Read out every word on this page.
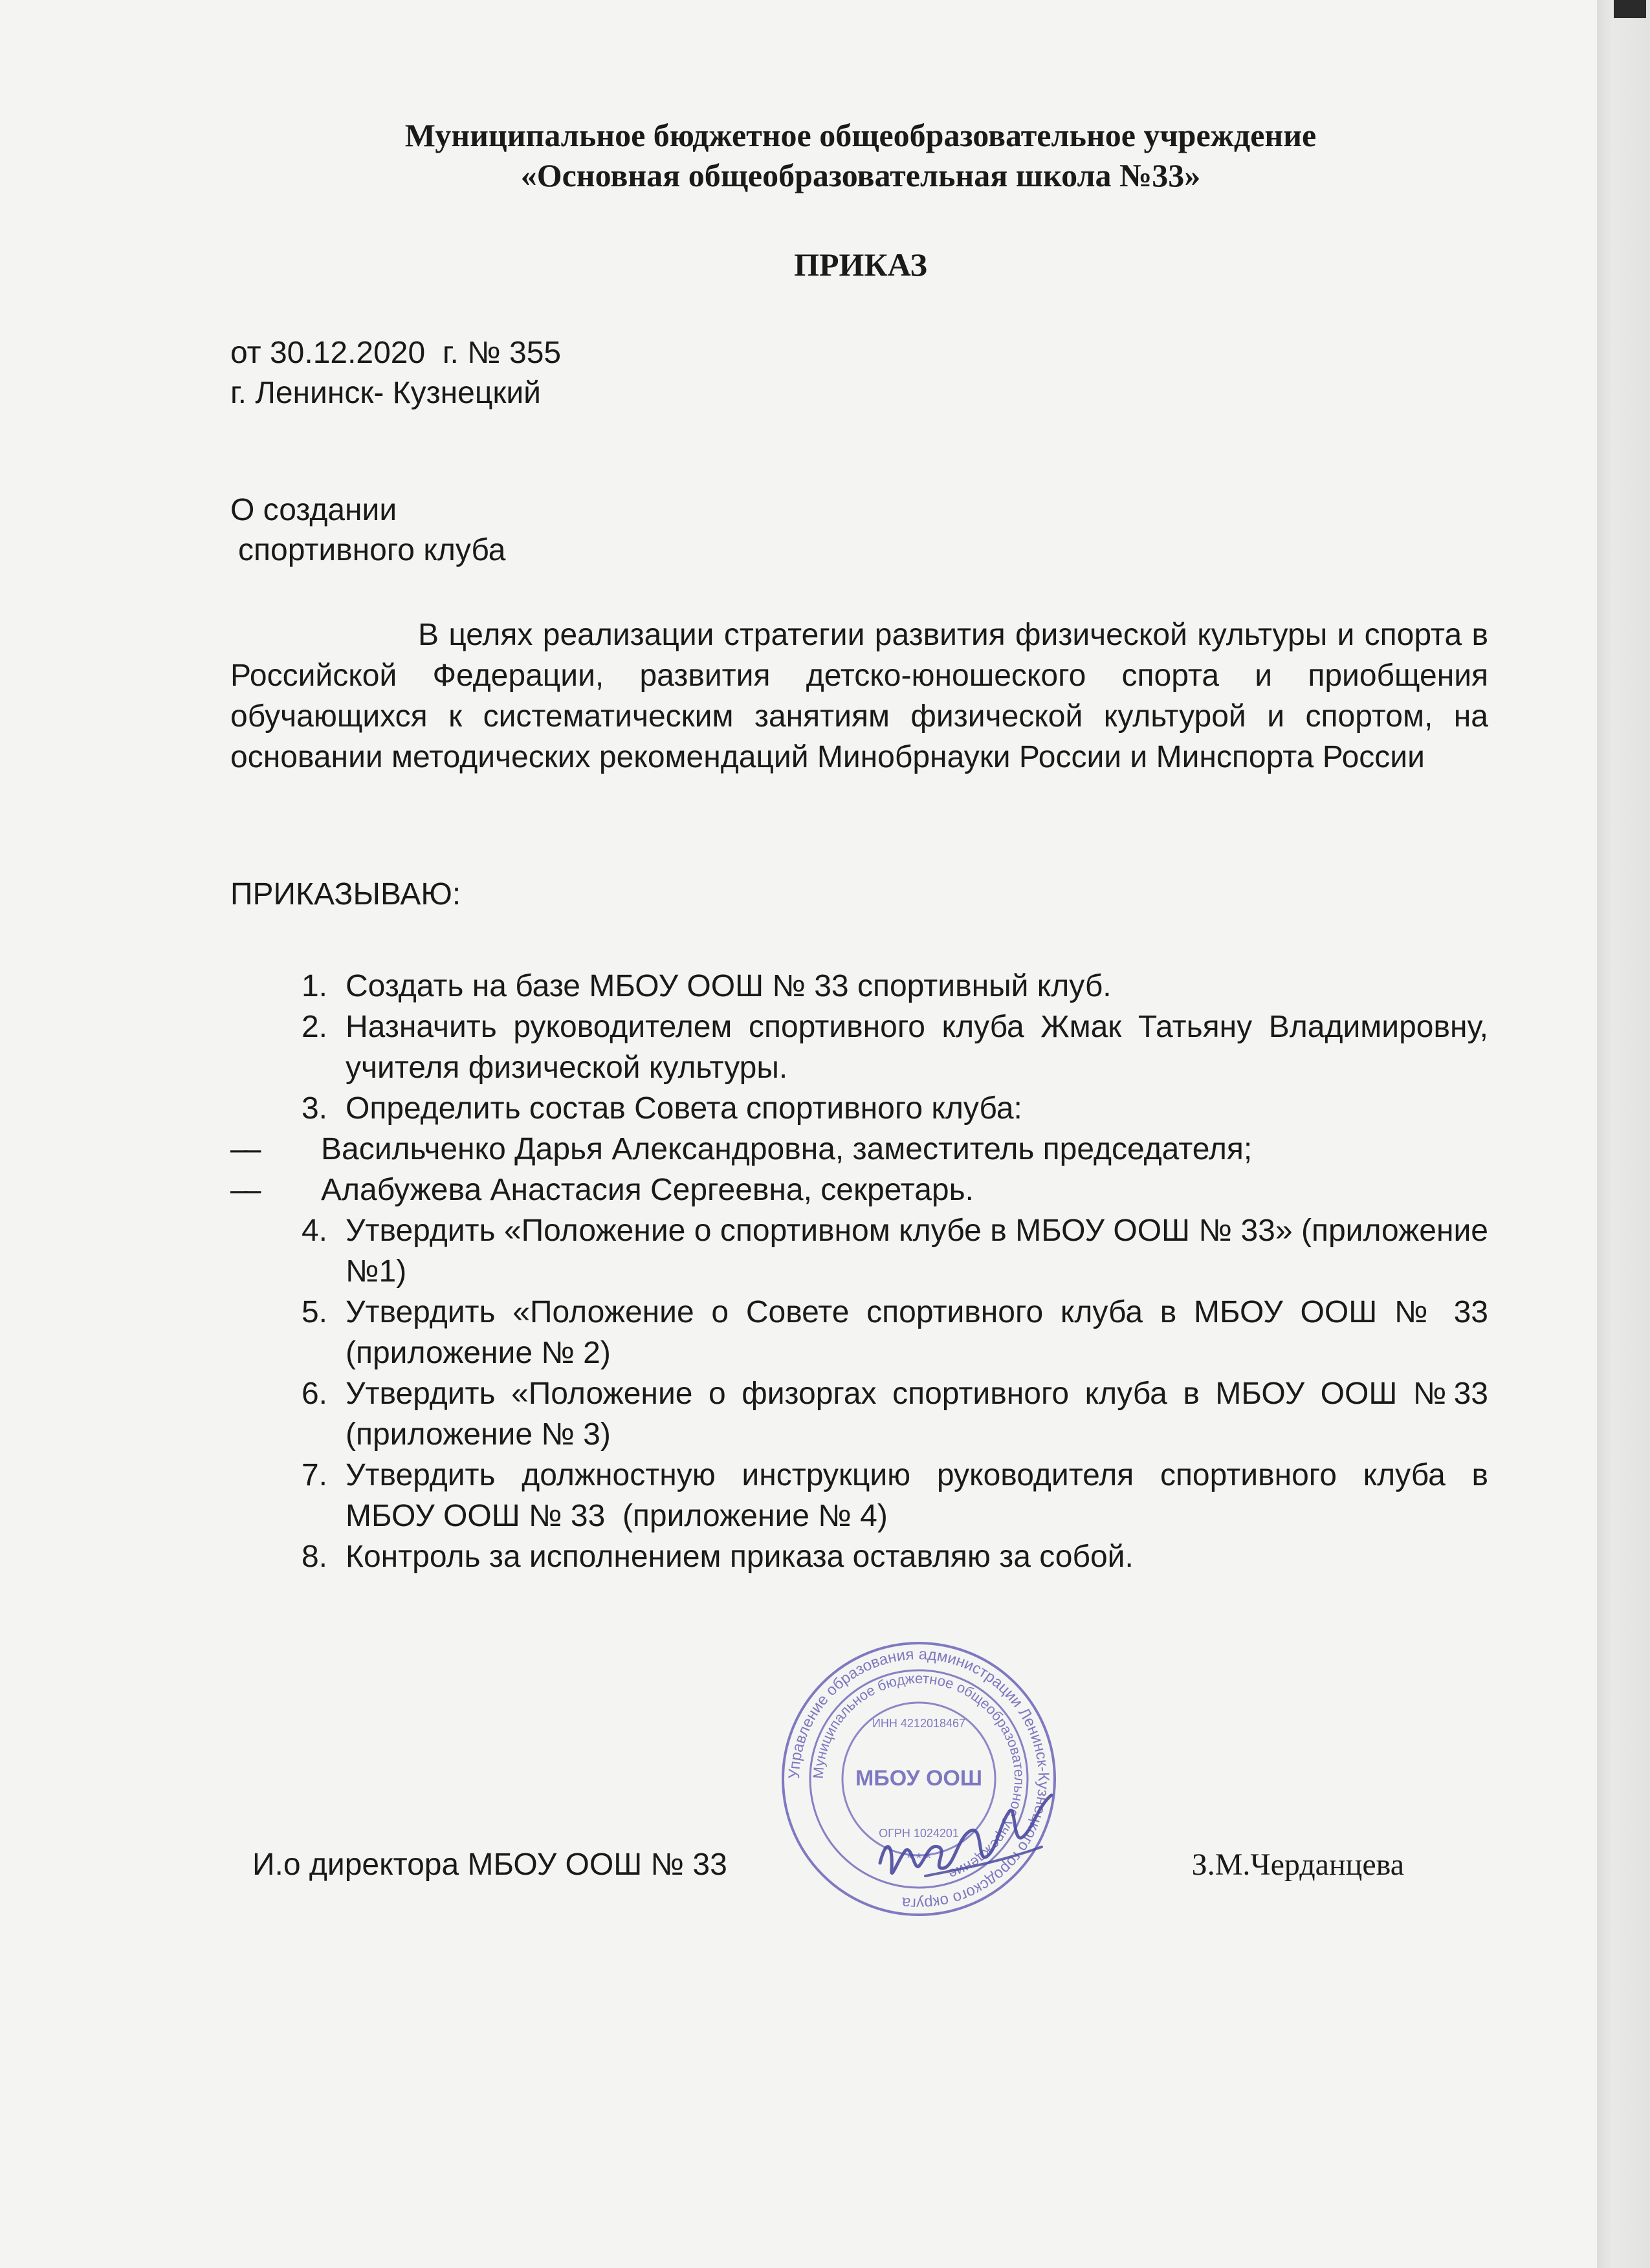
Муниципальное бюджетное общеобразовательное учреждение
«Основная общеобразовательная школа №33»
ПРИКАЗ
от 30.12.2020  г. № 355
г. Ленинск- Кузнецкий
О создании
спортивного клуба
В целях реализации стратегии развития физической культуры и спорта в Российской Федерации, развития детско-юношеского спорта и приобщения обучающихся к систематическим занятиям физической культурой и спортом, на основании методических рекомендаций Минобрнауки России и Минспорта России
ПРИКАЗЫВАЮ:
1. Создать на базе МБОУ ООШ № 33 спортивный клуб.
2. Назначить руководителем спортивного клуба Жмак Татьяну Владимировну, учителя физической культуры.
3. Определить состав Совета спортивного клуба:
––	Васильченко Дарья Александровна, заместитель председателя;
––	Алабужева Анастасия Сергеевна, секретарь.
4. Утвердить «Положение о спортивном клубе в МБОУ ООШ № 33» (приложение №1)
5. Утвердить «Положение о Совете спортивного клуба в МБОУ ООШ № 33 (приложение № 2)
6. Утвердить «Положение о физоргах спортивного клуба в МБОУ ООШ №33 (приложение № 3)
7. Утвердить должностную инструкцию руководителя спортивного клуба в   МБОУ ООШ № 33  (приложение № 4)
8. Контроль за исполнением приказа оставляю за собой.
Управление образования администрации Ленинск-Кузнецкого городского округа
Муниципальное бюджетное общеобразовательное учреждение
ИНН 4212018467
МБОУ ООШ
ОГРН 1024201
* * *
И.о директора МБОУ ООШ № 33	З.М.Черданцева
